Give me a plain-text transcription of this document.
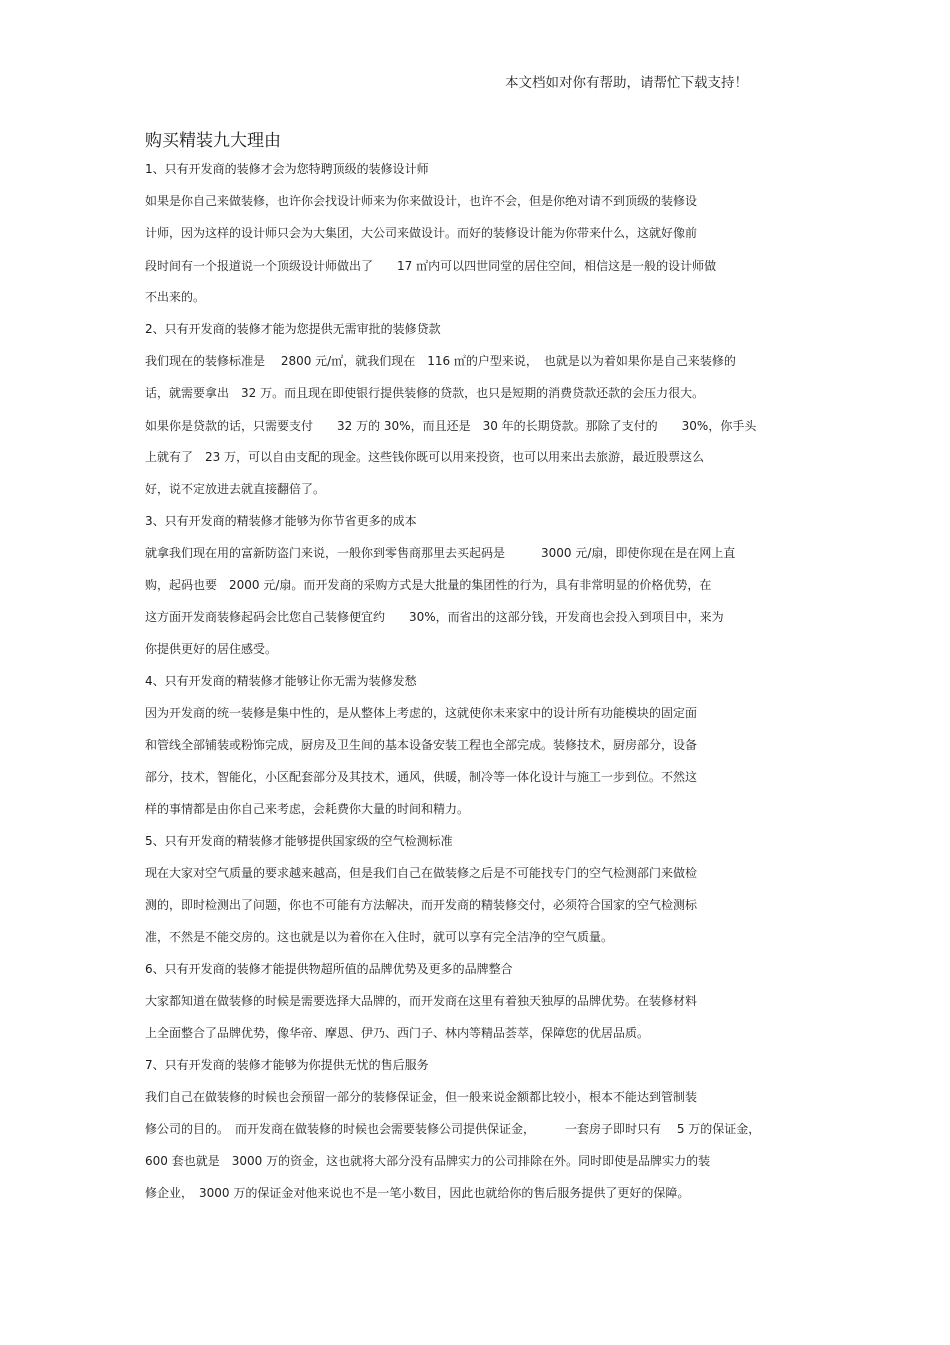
本文档如对你有帮助，请帮忙下载支持！
购买精装九大理由
1、只有开发商的装修才会为您特聘顶级的装修设计师
如果是你自己来做装修，也许你会找设计师来为你来做设计，也许不会，但是你绝对请不到顶级的装修设
计师，因为这样的设计师只会为大集团，大公司来做设计。而好的装修设计能为你带来什么，这就好像前
段时间有一个报道说一个顶级设计师做出了　　17 ㎡内可以四世同堂的居住空间，相信这是一般的设计师做
不出来的。
2、只有开发商的装修才能为您提供无需审批的装修贷款
我们现在的装修标准是　 2800 元/㎡，就我们现在　116 ㎡的户型来说，　也就是以为着如果你是自己来装修的
话，就需要拿出　32 万。而且现在即使银行提供装修的贷款，也只是短期的消费贷款还款的会压力很大。
如果你是贷款的话，只需要支付　　32 万的 30%，而且还是　30 年的长期贷款。那除了支付的　　30%，你手头
上就有了　23 万，可以自由支配的现金。这些钱你既可以用来投资，也可以用来出去旅游，最近股票这么
好，说不定放进去就直接翻倍了。
3、只有开发商的精装修才能够为你节省更多的成本
就拿我们现在用的富新防盗门来说，一般你到零售商那里去买起码是　　　3000 元/扇，即使你现在是在网上直
购，起码也要　2000 元/扇。而开发商的采购方式是大批量的集团性的行为，具有非常明显的价格优势，在
这方面开发商装修起码会比您自己装修便宜约　　30%，而省出的这部分钱，开发商也会投入到项目中，来为
你提供更好的居住感受。
4、只有开发商的精装修才能够让你无需为装修发愁
因为开发商的统一装修是集中性的，是从整体上考虑的，这就使你未来家中的设计所有功能模块的固定面
和管线全部铺装或粉饰完成，厨房及卫生间的基本设备安装工程也全部完成。装修技术，厨房部分，设备
部分，技术，智能化，小区配套部分及其技术，通风，供暖，制冷等一体化设计与施工一步到位。不然这
样的事情都是由你自己来考虑，会耗费你大量的时间和精力。
5、只有开发商的精装修才能够提供国家级的空气检测标准
现在大家对空气质量的要求越来越高，但是我们自己在做装修之后是不可能找专门的空气检测部门来做检
测的，即时检测出了问题，你也不可能有方法解决，而开发商的精装修交付，必须符合国家的空气检测标
准，不然是不能交房的。这也就是以为着你在入住时，就可以享有完全洁净的空气质量。
6、只有开发商的装修才能提供物超所值的品牌优势及更多的品牌整合
大家都知道在做装修的时候是需要选择大品牌的，而开发商在这里有着独天独厚的品牌优势。在装修材料
上全面整合了品牌优势，像华帝、摩恩、伊乃、西门子、林内等精品荟萃，保障您的优居品质。
7、只有开发商的装修才能够为你提供无忧的售后服务
我们自己在做装修的时候也会预留一部分的装修保证金，但一般来说金额都比较小，根本不能达到管制装
修公司的目的。　而开发商在做装修的时候也会需要装修公司提供保证金，　　　一套房子即时只有　 5 万的保证金，
600 套也就是　3000 万的资金，这也就将大部分没有品牌实力的公司排除在外。同时即使是品牌实力的装
修企业，　3000 万的保证金对他来说也不是一笔小数目，因此也就给你的售后服务提供了更好的保障。
